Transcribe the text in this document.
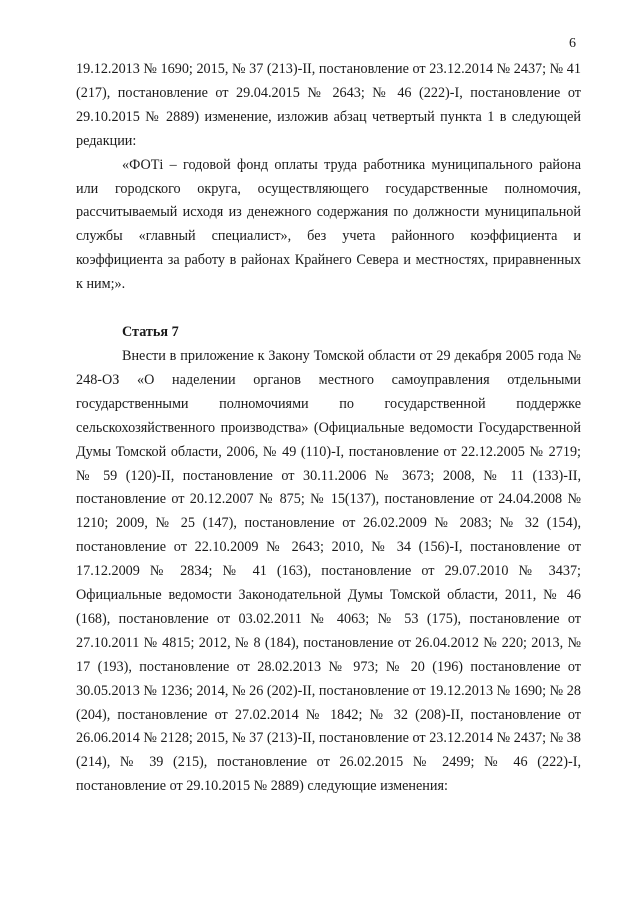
6

19.12.2013 № 1690; 2015, № 37 (213)-II, постановление от 23.12.2014 № 2437; № 41 (217), постановление от 29.04.2015 № 2643; № 46 (222)-I, постановление от 29.10.2015 № 2889) изменение, изложив абзац четвертый пункта 1 в следующей редакции:

«ФОТi – годовой фонд оплаты труда работника муниципального района или городского округа, осуществляющего государственные полномочия, рассчитываемый исходя из денежного содержания по должности муниципальной службы «главный специалист», без учета районного коэффициента и коэффициента за работу в районах Крайнего Севера и местностях, приравненных к ним;».

Статья 7

Внести в приложение к Закону Томской области от 29 декабря 2005 года № 248-ОЗ «О наделении органов местного самоуправления отдельными государственными полномочиями по государственной поддержке сельскохозяйственного производства» (Официальные ведомости Государственной Думы Томской области, 2006, № 49 (110)-I, постановление от 22.12.2005 № 2719; № 59 (120)-II, постановление от 30.11.2006 № 3673; 2008, № 11 (133)-II, постановление от 20.12.2007 № 875; № 15(137), постановление от 24.04.2008 № 1210; 2009, № 25 (147), постановление от 26.02.2009 № 2083; № 32 (154), постановление от 22.10.2009 № 2643; 2010, № 34 (156)-I, постановление от 17.12.2009 № 2834; № 41 (163), постановление от 29.07.2010 № 3437; Официальные ведомости Законодательной Думы Томской области, 2011, № 46 (168), постановление от 03.02.2011 № 4063; № 53 (175), постановление от 27.10.2011 № 4815; 2012, № 8 (184), постановление от 26.04.2012 № 220; 2013, № 17 (193), постановление от 28.02.2013 № 973; № 20 (196) постановление от 30.05.2013 № 1236; 2014, № 26 (202)-II, постановление от 19.12.2013 № 1690; № 28 (204), постановление от 27.02.2014 № 1842; № 32 (208)-II, постановление от 26.06.2014 № 2128; 2015, № 37 (213)-II, постановление от 23.12.2014 № 2437; № 38 (214), № 39 (215), постановление от 26.02.2015 № 2499; № 46 (222)-I, постановление от 29.10.2015 № 2889) следующие изменения:
